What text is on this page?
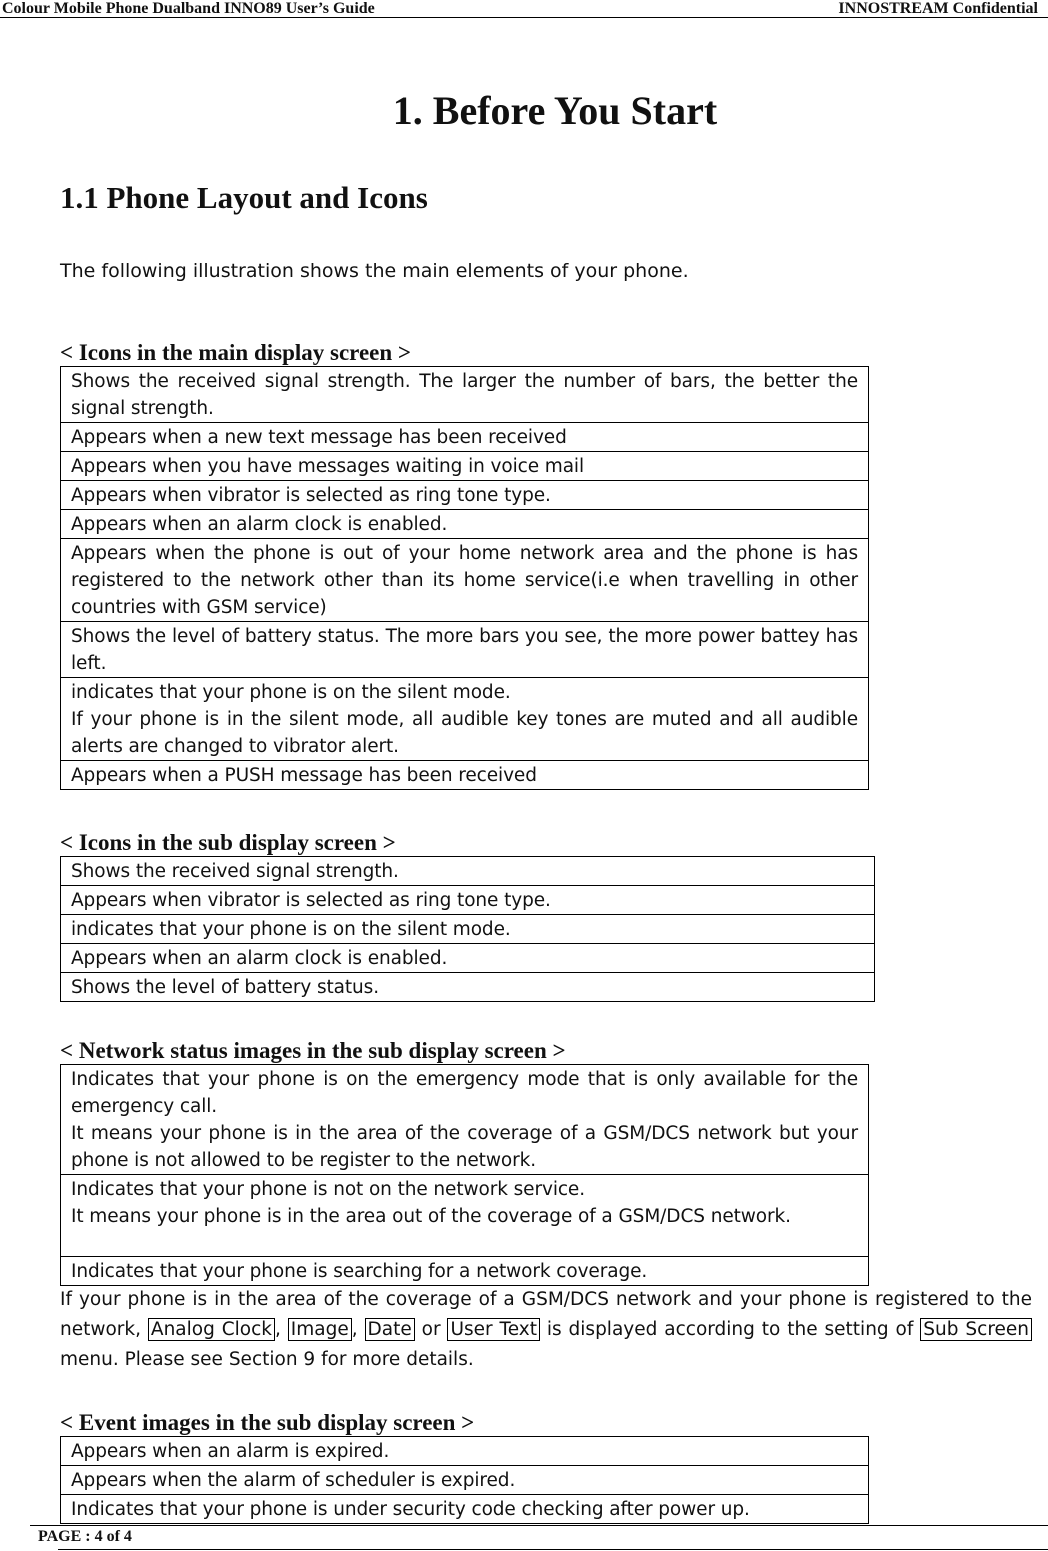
Colour Mobile Phone Dualband INNO89 User’s Guide	INNOSTREAM Confidential
1. Before You Start
1.1 Phone Layout and Icons
The following illustration shows the main elements of your phone.
< Icons in the main display screen >
Shows the received signal strength. The larger the number of bars, the better the signal strength.
Appears when a new text message has been received
Appears when you have messages waiting in voice mail
Appears when vibrator is selected as ring tone type.
Appears when an alarm clock is enabled.
Appears when the phone is out of your home network area and the phone is has registered to the network other than its home service(i.e when travelling in other countries with GSM service)
Shows the level of battery status. The more bars you see, the more power battey has left.
indicates that your phone is on the silent mode.
If your phone is in the silent mode, all audible key tones are muted and all audible alerts are changed to vibrator alert.
Appears when a PUSH message has been received
< Icons in the sub display screen >
Shows the received signal strength.
Appears when vibrator is selected as ring tone type.
indicates that your phone is on the silent mode.
Appears when an alarm clock is enabled.
Shows the level of battery status.
< Network status images in the sub display screen >
Indicates that your phone is on the emergency mode that is only available for the emergency call.
It means your phone is in the area of the coverage of a GSM/DCS network but your phone is not allowed to be register to the network.
Indicates that your phone is not on the network service.
It means your phone is in the area out of the coverage of a GSM/DCS network.
Indicates that your phone is searching for a network coverage.
If your phone is in the area of the coverage of a GSM/DCS network and your phone is registered to the network, Analog Clock , Image , Date or User Text is displayed according to the setting of Sub Screen menu. Please see Section 9 for more details.
< Event images in the sub display screen >
Appears when an alarm is expired.
Appears when the alarm of scheduler is expired.
Indicates that your phone is under security code checking after power up.
PAGE : 4 of 4
